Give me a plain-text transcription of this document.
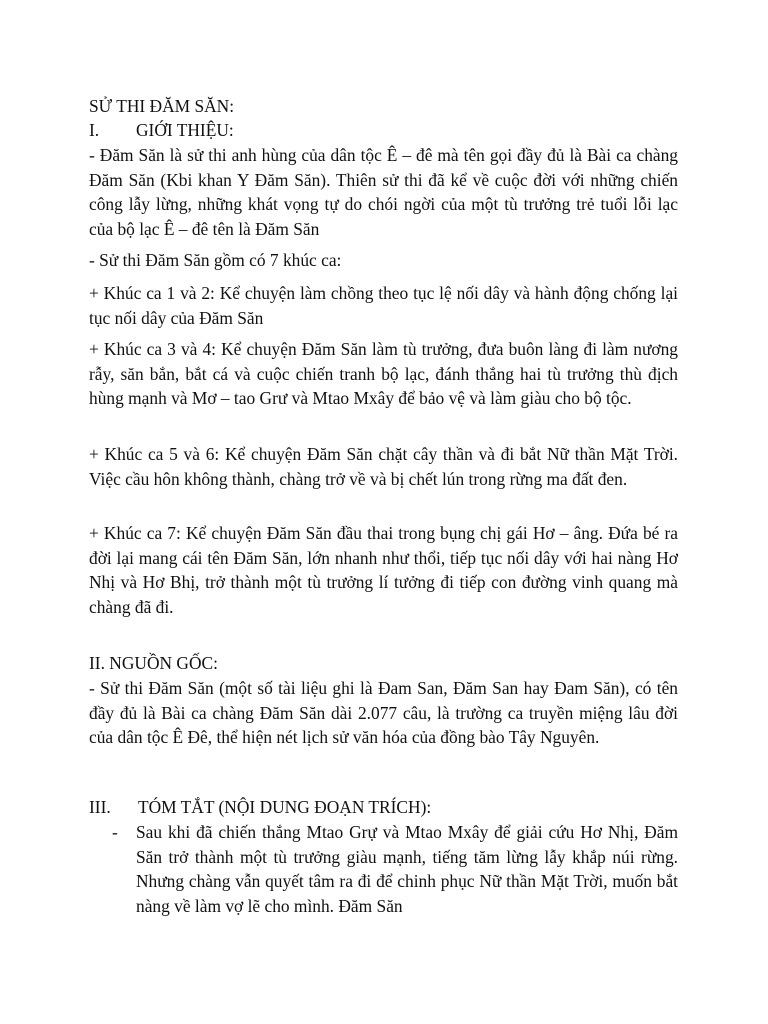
SỬ THI ĐĂM SĂN:
I. GIỚI THIỆU:
- Đăm Săn là sử thi anh hùng của dân tộc Ê – đê mà tên gọi đầy đủ là Bài ca chàng Đăm Săn (Kbi khan Y Đăm Săn). Thiên sử thi đã kể về cuộc đời với những chiến công lẫy lừng, những khát vọng tự do chói ngời của một tù trưởng trẻ tuổi lỗi lạc của bộ lạc Ê – đê tên là Đăm Săn
- Sử thi Đăm Săn gồm có 7 khúc ca:
+ Khúc ca 1 và 2: Kể chuyện làm chồng theo tục lệ nối dây và hành động chống lại tục nối dây của Đăm Săn
+ Khúc ca 3 và 4: Kể chuyện Đăm Săn làm tù trưởng, đưa buôn làng đi làm nương rẫy, săn bắn, bắt cá và cuộc chiến tranh bộ lạc, đánh thắng hai tù trưởng thù địch hùng mạnh và Mơ – tao Grư và Mtao Mxây để bảo vệ và làm giàu cho bộ tộc.
+ Khúc ca 5 và 6: Kể chuyện Đăm Săn chặt cây thần và đi bắt Nữ thần Mặt Trời. Việc cầu hôn không thành, chàng trở về và bị chết lún trong rừng ma đất đen.
+ Khúc ca 7: Kể chuyện Đăm Săn đầu thai trong bụng chị gái Hơ – âng. Đứa bé ra đời lại mang cái tên Đăm Săn, lớn nhanh như thổi, tiếp tục nối dây với hai nàng Hơ Nhị và Hơ Bhị, trở thành một tù trưởng lí tưởng đi tiếp con đường vinh quang mà chàng đã đi.
II. NGUỒN GỐC:
- Sử thi Đăm Săn (một số tài liệu ghi là Đam San, Đăm San hay Đam Săn), có tên đầy đủ là Bài ca chàng Đăm Săn dài 2.077 câu, là trường ca truyền miệng lâu đời của dân tộc Ê Đê, thể hiện nét lịch sử văn hóa của đồng bào Tây Nguyên.
III. TÓM TẮT (NỘI DUNG ĐOẠN TRÍCH):
- Sau khi đã chiến thắng Mtao Grự và Mtao Mxây để giải cứu Hơ Nhị, Đăm Săn trở thành một tù trưởng giàu mạnh, tiếng tăm lừng lẫy khắp núi rừng. Nhưng chàng vẫn quyết tâm ra đi để chinh phục Nữ thần Mặt Trời, muốn bắt nàng về làm vợ lẽ cho mình. Đăm Săn
